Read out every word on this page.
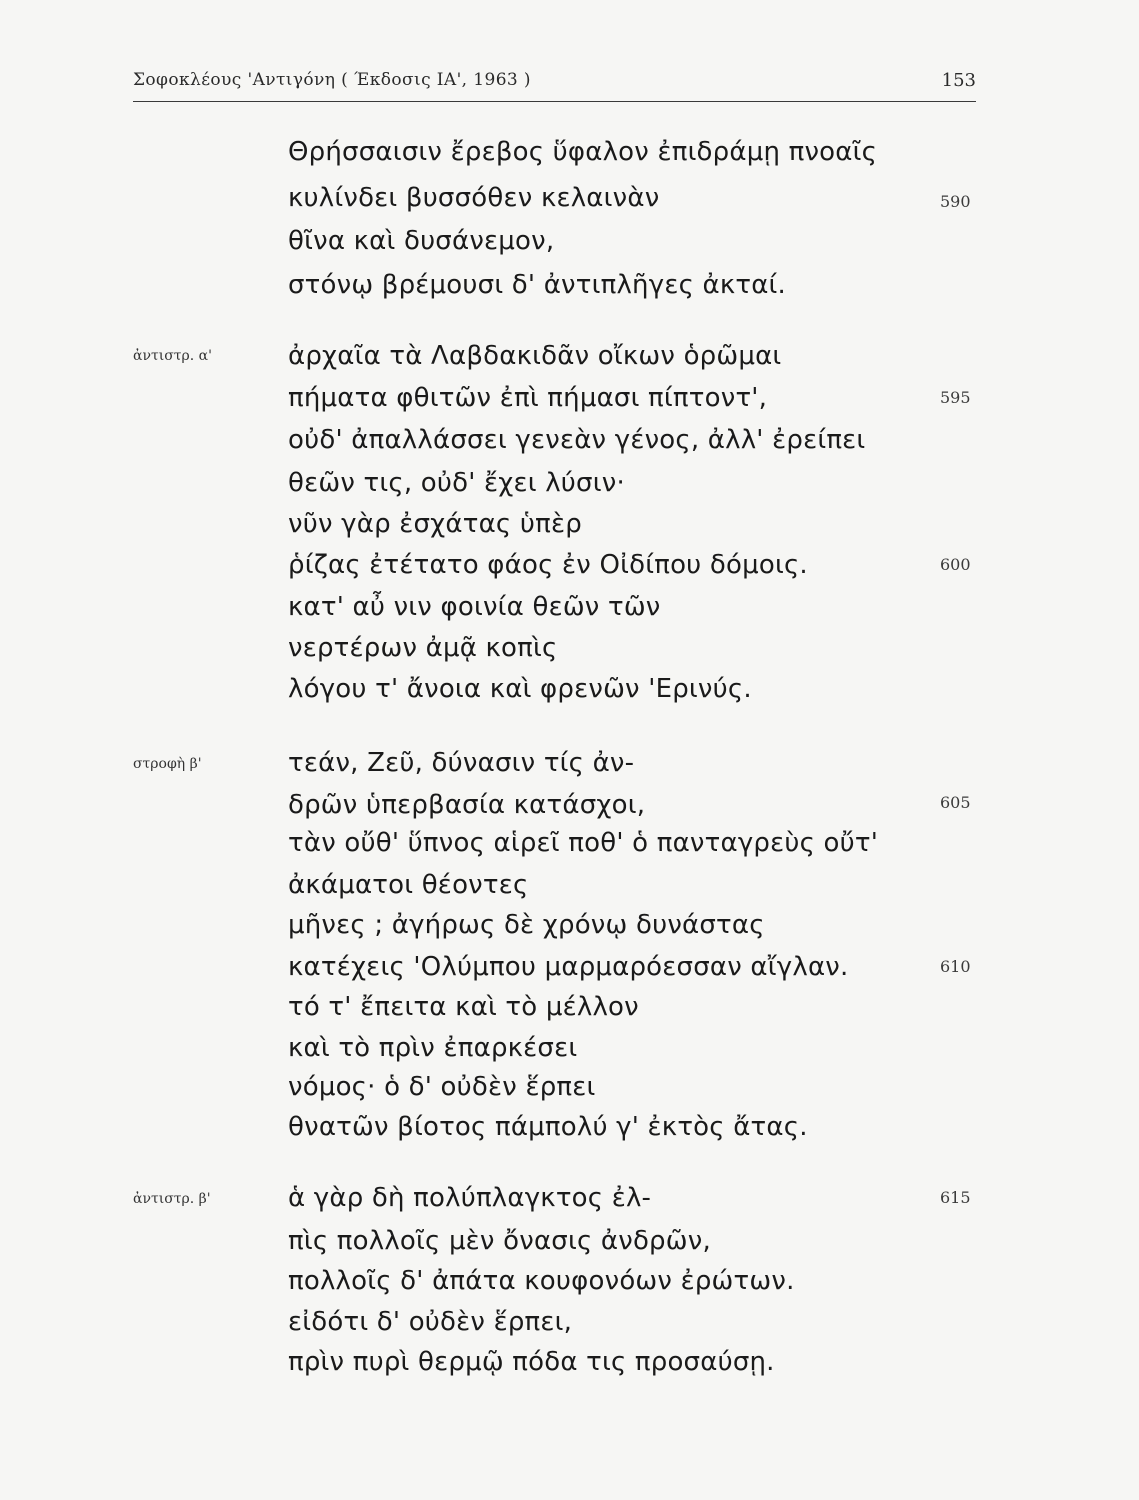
Σοφοκλέους 'Αντιγόνη ( Έκδοσις ΙΑ', 1963 )	153
Θρήσσαισιν ἔρεβος ὕφαλον ἐπιδράμῃ πνοαῖς
κυλίνδει βυσσόθεν κελαινὰν	590
θῖνα καὶ δυσάνεμον,
στόνῳ βρέμουσι δ' ἀντιπλῆγες ἀκταί.
ἀντιστρ. α'	ἀρχαῖα τὰ Λαβδακιδᾶν οἴκων ὁρῶμαι
πήματα φθιτῶν ἐπὶ πήμασι πίπτοντ',	595
οὐδ' ἀπαλλάσσει γενεὰν γένος, ἀλλ' ἐρείπει
θεῶν τις, οὐδ' ἔχει λύσιν·
νῦν γὰρ ἐσχάτας ὑπὲρ
ῥίζας ἐτέτατο φάος ἐν Οἰδίπου δόμοις.	600
κατ' αὖ νιν φοινία θεῶν τῶν
νερτέρων ἀμᾷ κοπὶς
λόγου τ' ἄνοια καὶ φρενῶν 'Ερινύς.
στροφὴ β'	τεάν, Ζεῦ, δύνασιν τίς ἀν-
δρῶν ὑπερβασία κατάσχοι,	605
τὰν οὔθ' ὕπνος αἱρεῖ ποθ' ὁ πανταγρεὺς οὔτ'
ἀκάματοι θέοντες
μῆνες ; ἀγήρως δὲ χρόνῳ δυνάστας
κατέχεις 'Ολύμπου μαρμαρόεσσαν αἴγλαν.	610
τό τ' ἔπειτα καὶ τὸ μέλλον
καὶ τὸ πρὶν ἐπαρκέσει
νόμος· ὁ δ' οὐδὲν ἕρπει
θνατῶν βίοτος πάμπολύ γ' ἐκτὸς ἄτας.
ἀντιστρ. β'	ἁ γὰρ δὴ πολύπλαγκτος ἐλ-	615
πὶς πολλοῖς μὲν ὄνασις ἀνδρῶν,
πολλοῖς δ' ἀπάτα κουφονόων ἐρώτων.
εἰδότι δ' οὐδὲν ἕρπει,
πρὶν πυρὶ θερμῷ πόδα τις προσαύσῃ.
